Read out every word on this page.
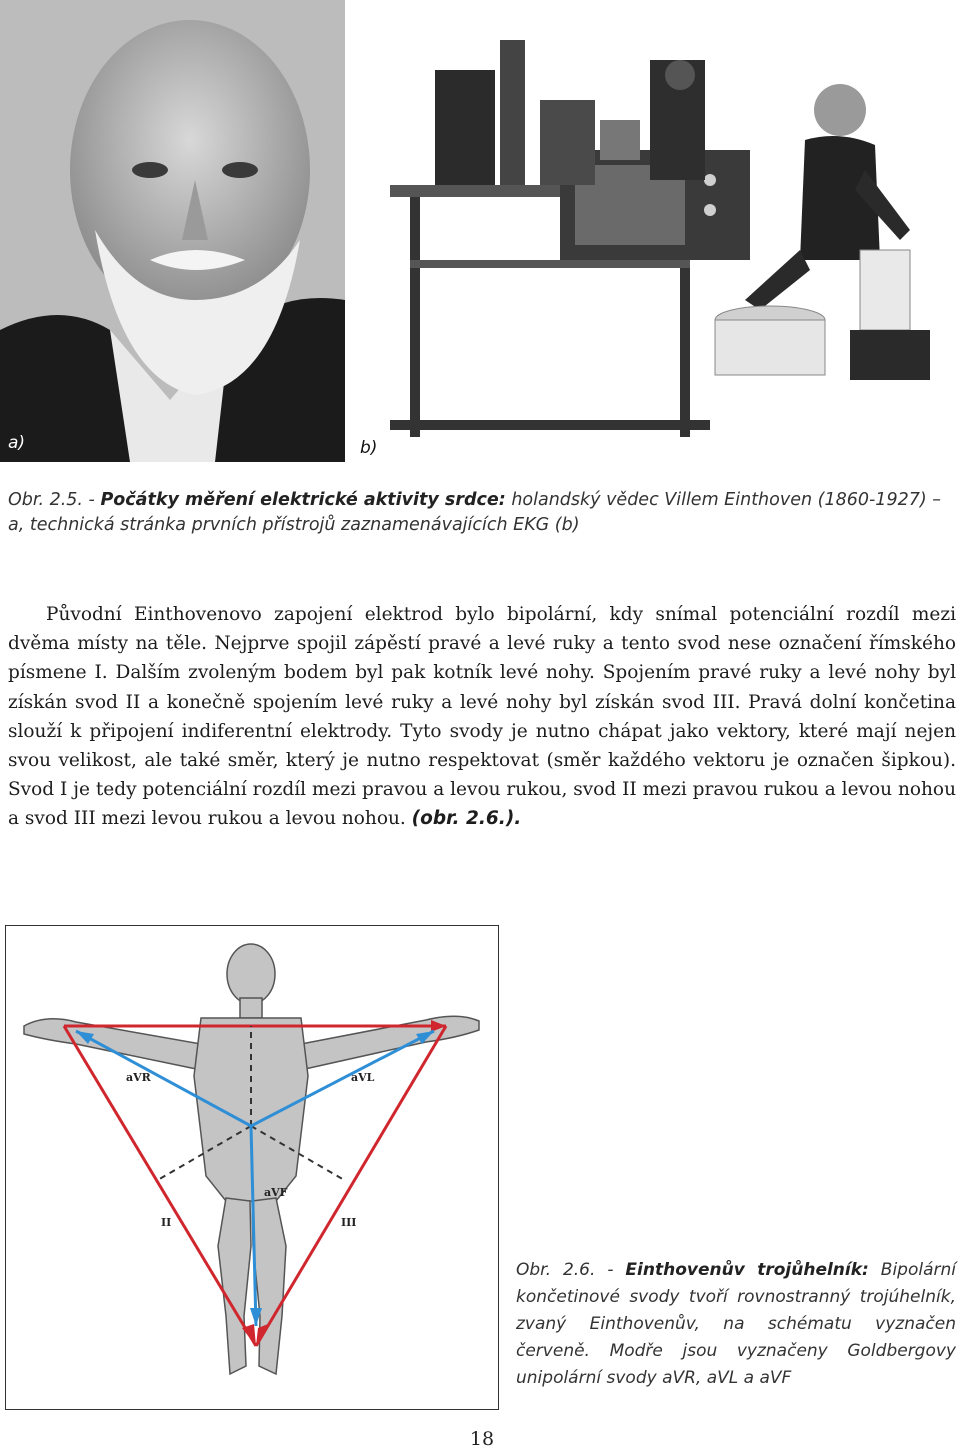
a)	b)
Obr. 2.5. - Počátky měření elektrické aktivity srdce: holandský vědec Villem Einthoven (1860-1927) – a, technická stránka prvních přístrojů zaznamenávajících EKG (b)

Původní Einthovenovo zapojení elektrod bylo bipolární, kdy snímal potenciální rozdíl mezi dvěma místy na těle. Nejprve spojil zápěstí pravé a levé ruky a tento svod nese označení římského písmene I. Dalším zvoleným bodem byl pak kotník levé nohy. Spojením pravé ruky a levé nohy byl získán svod II a konečně spojením levé ruky a levé nohy byl získán svod III. Pravá dolní končetina slouží k připojení indiferentní elektrody. Tyto svody je nutno chápat jako vektory, které mají nejen svou velikost, ale také směr, který je nutno respektovat (směr každého vektoru je označen šipkou). Svod I je tedy potenciální rozdíl mezi pravou a levou rukou, svod II mezi pravou rukou a levou nohou a svod III mezi levou rukou a levou nohou. (obr. 2.6.).

aVR	aVL
aVF
II	III
Obr. 2.6. - Einthovenův trojůhelník: Bipolární končetinové svody tvoří rovnostranný trojúhelník, zvaný Einthovenův, na schématu vyznačen červeně. Modře jsou vyznačeny Goldbergovy unipolární svody aVR, aVL a aVF
18
